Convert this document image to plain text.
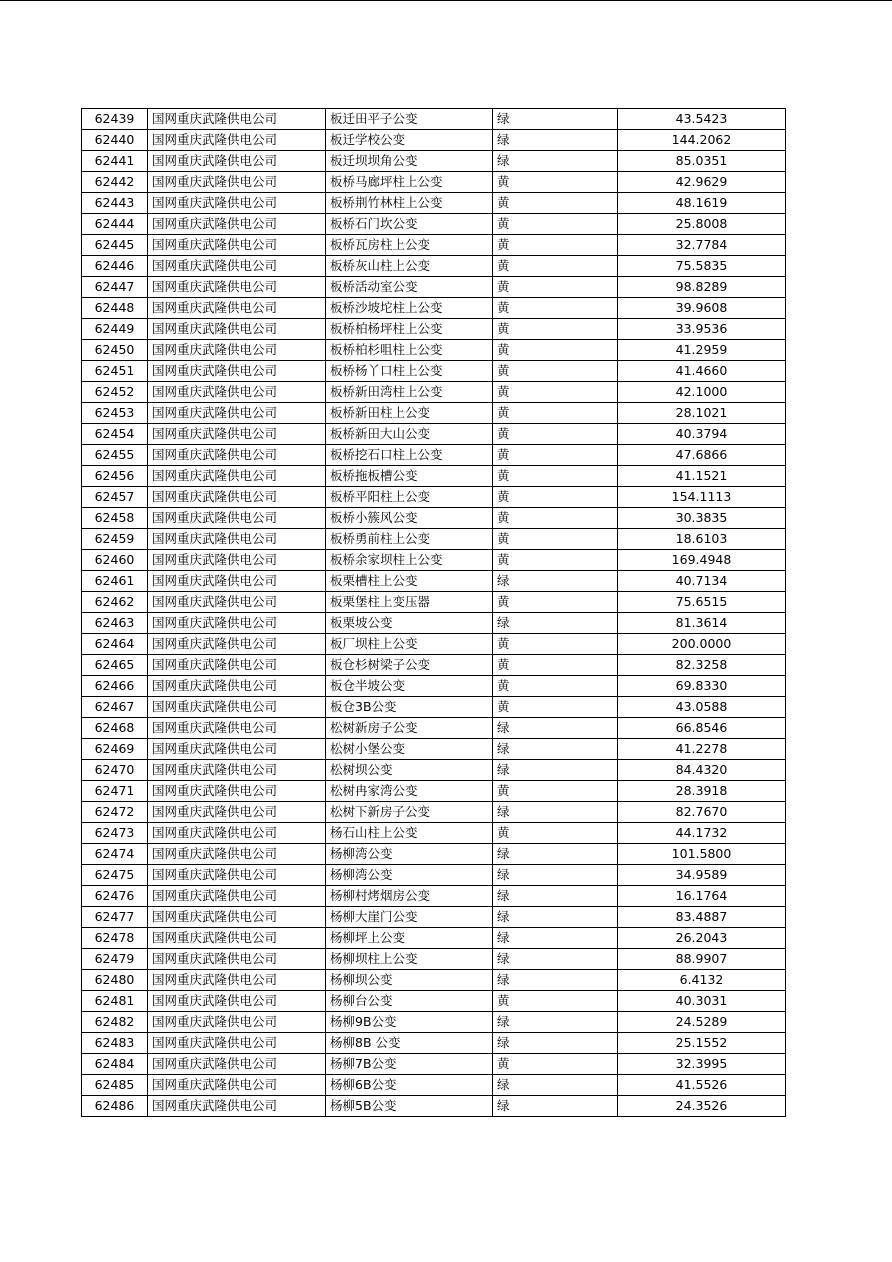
62439	国网重庆武隆供电公司	板迁田平子公变	绿	43.5423
62440	国网重庆武隆供电公司	板迁学校公变	绿	144.2062
62441	国网重庆武隆供电公司	板迁坝坝角公变	绿	85.0351
62442	国网重庆武隆供电公司	板桥马廊坪柱上公变	黄	42.9629
62443	国网重庆武隆供电公司	板桥荆竹林柱上公变	黄	48.1619
62444	国网重庆武隆供电公司	板桥石门坎公变	黄	25.8008
62445	国网重庆武隆供电公司	板桥瓦房柱上公变	黄	32.7784
62446	国网重庆武隆供电公司	板桥灰山柱上公变	黄	75.5835
62447	国网重庆武隆供电公司	板桥活动室公变	黄	98.8289
62448	国网重庆武隆供电公司	板桥沙坡坨柱上公变	黄	39.9608
62449	国网重庆武隆供电公司	板桥柏杨坪柱上公变	黄	33.9536
62450	国网重庆武隆供电公司	板桥柏杉咀柱上公变	黄	41.2959
62451	国网重庆武隆供电公司	板桥杨丫口柱上公变	黄	41.4660
62452	国网重庆武隆供电公司	板桥新田湾柱上公变	黄	42.1000
62453	国网重庆武隆供电公司	板桥新田柱上公变	黄	28.1021
62454	国网重庆武隆供电公司	板桥新田大山公变	黄	40.3794
62455	国网重庆武隆供电公司	板桥挖石口柱上公变	黄	47.6866
62456	国网重庆武隆供电公司	板桥拖板槽公变	黄	41.1521
62457	国网重庆武隆供电公司	板桥平阳柱上公变	黄	154.1113
62458	国网重庆武隆供电公司	板桥小簇风公变	黄	30.3835
62459	国网重庆武隆供电公司	板桥勇前柱上公变	黄	18.6103
62460	国网重庆武隆供电公司	板桥余家坝柱上公变	黄	169.4948
62461	国网重庆武隆供电公司	板栗槽柱上公变	绿	40.7134
62462	国网重庆武隆供电公司	板栗堡柱上变压器	黄	75.6515
62463	国网重庆武隆供电公司	板栗坡公变	绿	81.3614
62464	国网重庆武隆供电公司	板厂坝柱上公变	黄	200.0000
62465	国网重庆武隆供电公司	板仓杉树梁子公变	黄	82.3258
62466	国网重庆武隆供电公司	板仓半坡公变	黄	69.8330
62467	国网重庆武隆供电公司	板仓3B公变	黄	43.0588
62468	国网重庆武隆供电公司	松树新房子公变	绿	66.8546
62469	国网重庆武隆供电公司	松树小堡公变	绿	41.2278
62470	国网重庆武隆供电公司	松树坝公变	绿	84.4320
62471	国网重庆武隆供电公司	松树冉家湾公变	黄	28.3918
62472	国网重庆武隆供电公司	松树下新房子公变	绿	82.7670
62473	国网重庆武隆供电公司	杨石山柱上公变	黄	44.1732
62474	国网重庆武隆供电公司	杨柳湾公变	绿	101.5800
62475	国网重庆武隆供电公司	杨柳湾公变	绿	34.9589
62476	国网重庆武隆供电公司	杨柳村烤烟房公变	绿	16.1764
62477	国网重庆武隆供电公司	杨柳大崖门公变	绿	83.4887
62478	国网重庆武隆供电公司	杨柳坪上公变	绿	26.2043
62479	国网重庆武隆供电公司	杨柳坝柱上公变	绿	88.9907
62480	国网重庆武隆供电公司	杨柳坝公变	绿	6.4132
62481	国网重庆武隆供电公司	杨柳台公变	黄	40.3031
62482	国网重庆武隆供电公司	杨柳9B公变	绿	24.5289
62483	国网重庆武隆供电公司	杨柳8B 公变	绿	25.1552
62484	国网重庆武隆供电公司	杨柳7B公变	黄	32.3995
62485	国网重庆武隆供电公司	杨柳6B公变	绿	41.5526
62486	国网重庆武隆供电公司	杨柳5B公变	绿	24.3526
